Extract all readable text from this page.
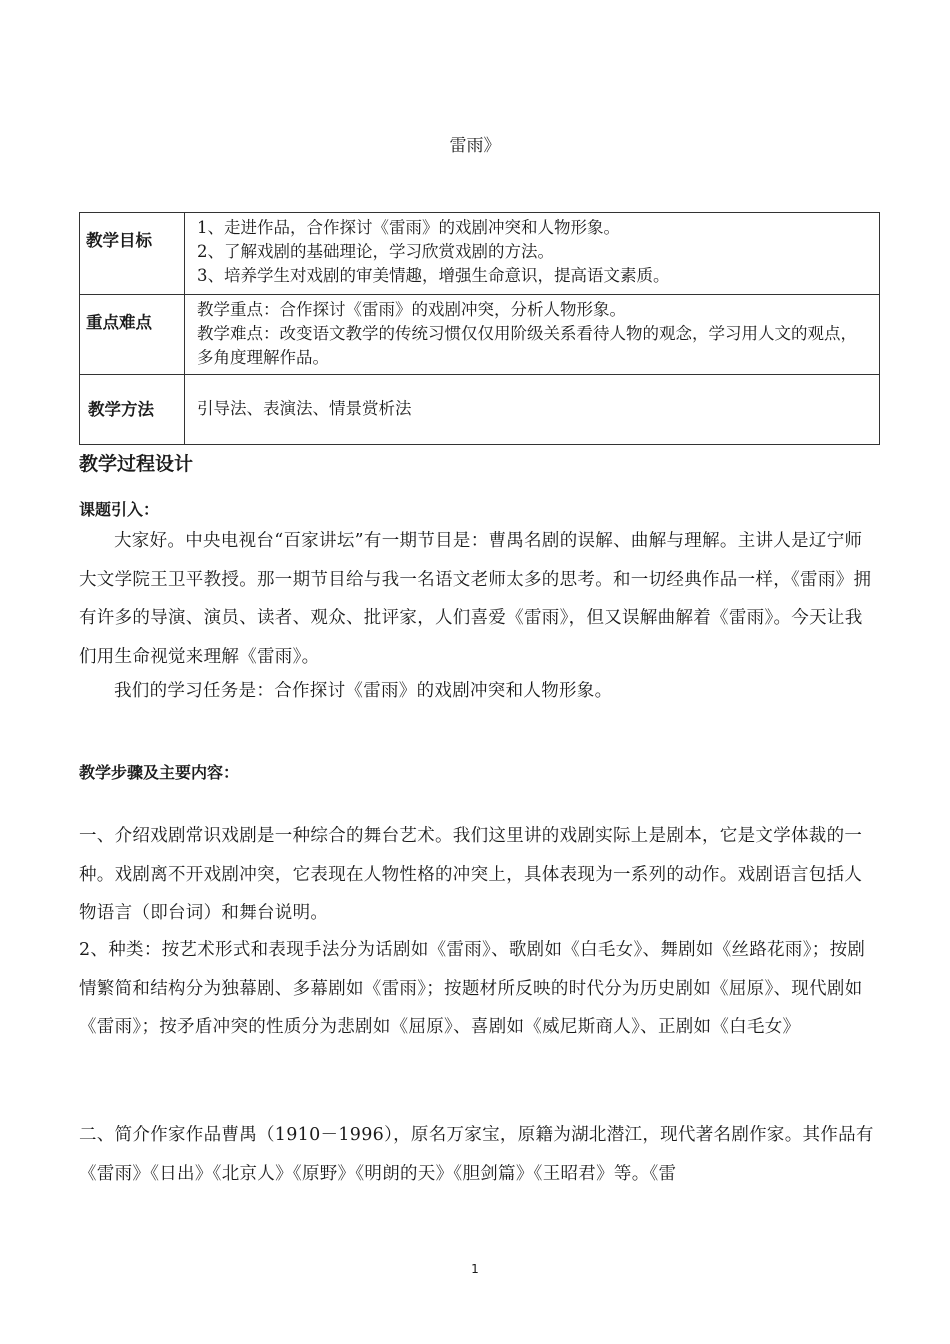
雷雨》
教学目标	1、走进作品，合作探讨《雷雨》的戏剧冲突和人物形象。
2、了解戏剧的基础理论，学习欣赏戏剧的方法。
3、培养学生对戏剧的审美情趣，增强生命意识，提高语文素质。

重点难点	教学重点：合作探讨《雷雨》的戏剧冲突，分析人物形象。
教学难点：改变语文教学的传统习惯仅仅用阶级关系看待人物的观念，学习用人文的观点，多角度理解作品。

教学方法	引导法、表演法、情景赏析法
教学过程设计
课题引入：
大家好。中央电视台“百家讲坛”有一期节目是：曹禺名剧的误解、曲解与理解。主讲人是辽宁师大文学院王卫平教授。那一期节目给与我一名语文老师太多的思考。和一切经典作品一样，《雷雨》拥有许多的导演、演员、读者、观众、批评家，人们喜爱《雷雨》，但又误解曲解着《雷雨》。今天让我们用生命视觉来理解《雷雨》。
我们的学习任务是：合作探讨《雷雨》的戏剧冲突和人物形象。
教学步骤及主要内容：
一、介绍戏剧常识戏剧是一种综合的舞台艺术。我们这里讲的戏剧实际上是剧本，它是文学体裁的一种。戏剧离不开戏剧冲突，它表现在人物性格的冲突上，具体表现为一系列的动作。戏剧语言包括人物语言（即台词）和舞台说明。
2、种类：按艺术形式和表现手法分为话剧如《雷雨》、歌剧如《白毛女》、舞剧如《丝路花雨》；按剧情繁简和结构分为独幕剧、多幕剧如《雷雨》；按题材所反映的时代分为历史剧如《屈原》、现代剧如《雷雨》；按矛盾冲突的性质分为悲剧如《屈原》、喜剧如《威尼斯商人》、正剧如《白毛女》
二、简介作家作品曹禺（1910－1996），原名万家宝，原籍为湖北潜江，现代著名剧作家。其作品有《雷雨》《日出》《北京人》《原野》《明朗的天》《胆剑篇》《王昭君》等。《雷
1
